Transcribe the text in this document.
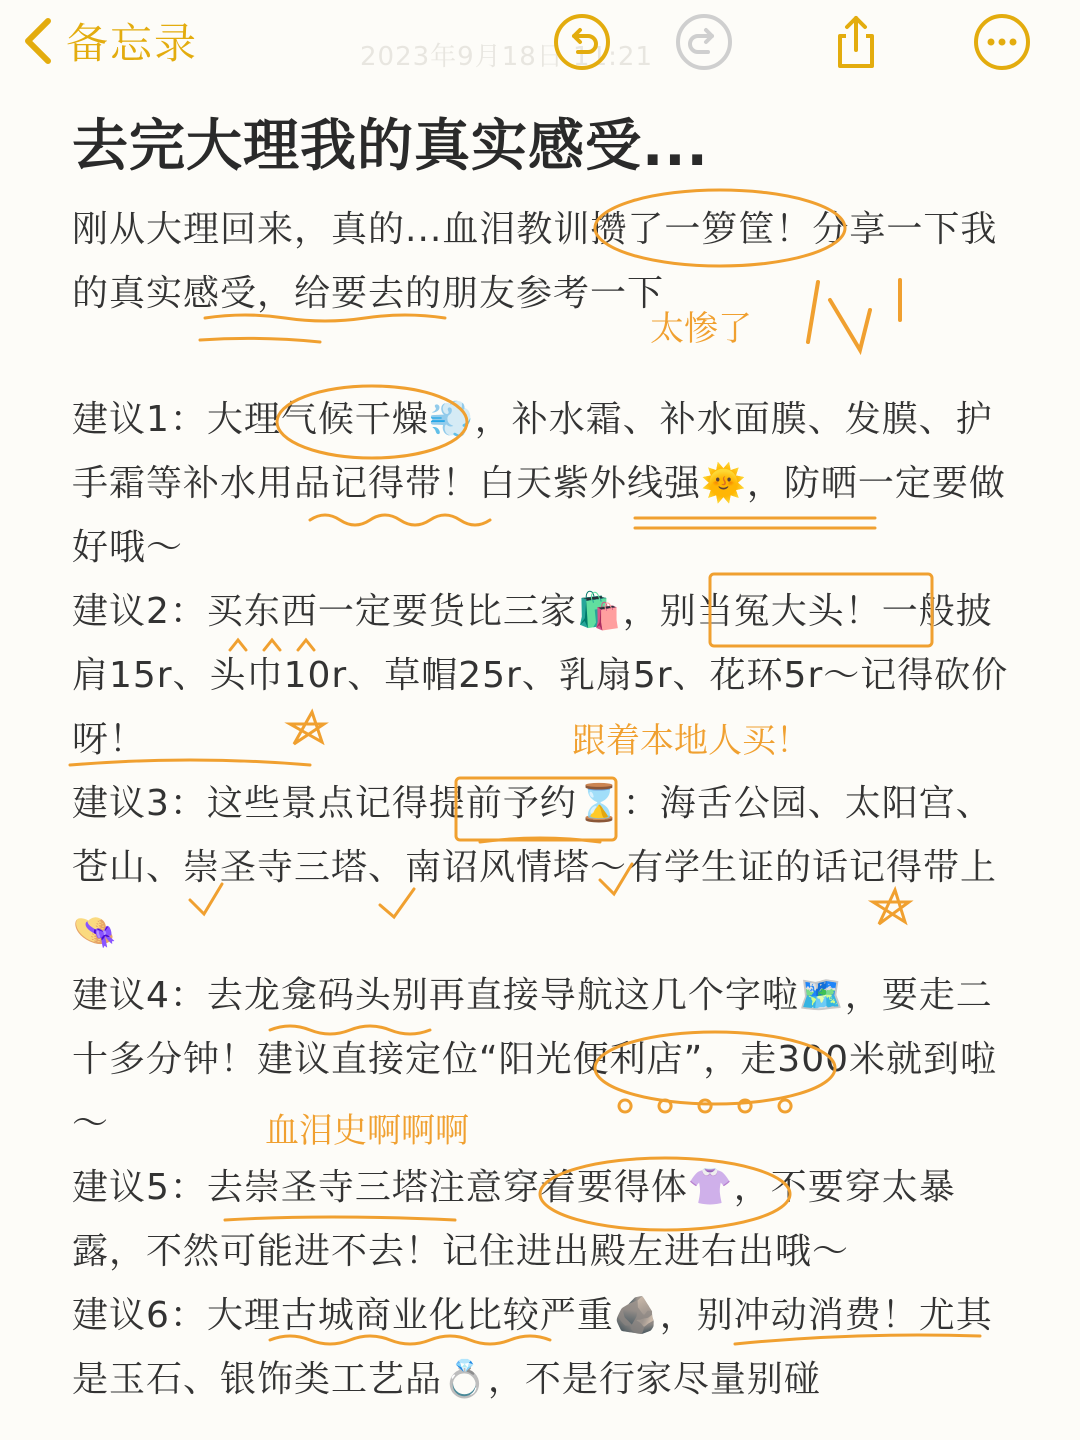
备忘录	2023年9月18日 11:21
去完大理我的真实感受...
刚从大理回来，真的...血泪教训攒了一箩筐！分享一下我的真实感受，给要去的朋友参考一下
建议1：大理气候干燥💨，补水霜、补水面膜、发膜、护手霜等补水用品记得带！白天紫外线强🌞，防晒一定要做好哦～
建议2：买东西一定要货比三家🛍️，别当冤大头！一般披肩15r、头巾10r、草帽25r、乳扇5r、花环5r～记得砍价呀！
建议3：这些景点记得提前予约⌛：海舌公园、太阳宫、苍山、崇圣寺三塔、南诏风情塔～有学生证的话记得带上👒
建议4：去龙龛码头别再直接导航这几个字啦🗺️，要走二十多分钟！建议直接定位“阳光便利店”，走300米就到啦～
建议5：去崇圣寺三塔注意穿着要得体👚，不要穿太暴露，不然可能进不去！记住进出殿左进右出哦～
建议6：大理古城商业化比较严重🪨，别冲动消费！尤其是玉石、银饰类工艺品💍，不是行家尽量别碰
太惨了
跟着本地人买！
血泪史啊啊啊
